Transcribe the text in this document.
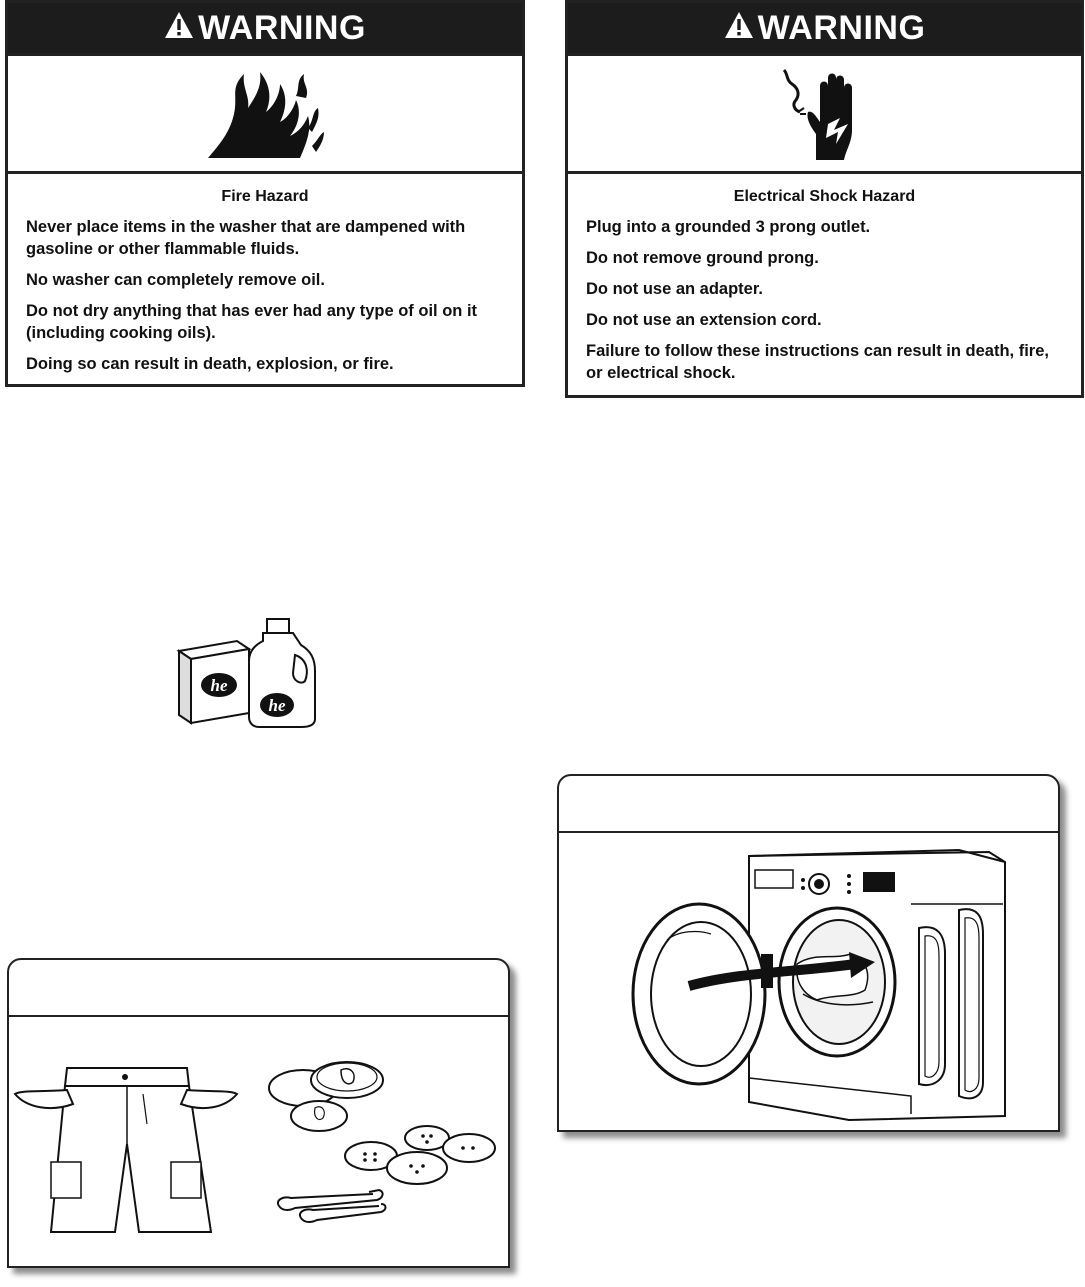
WARNING
Fire Hazard

Never place items in the washer that are dampened with gasoline or other flammable fluids.

No washer can completely remove oil.

Do not dry anything that has ever had any type of oil on it (including cooking oils).

Doing so can result in death, explosion, or fire.

WARNING
Electrical Shock Hazard

Plug into a grounded 3 prong outlet.

Do not remove ground prong.

Do not use an adapter.

Do not use an extension cord.

Failure to follow these instructions can result in death, fire, or electrical shock.

he
he
